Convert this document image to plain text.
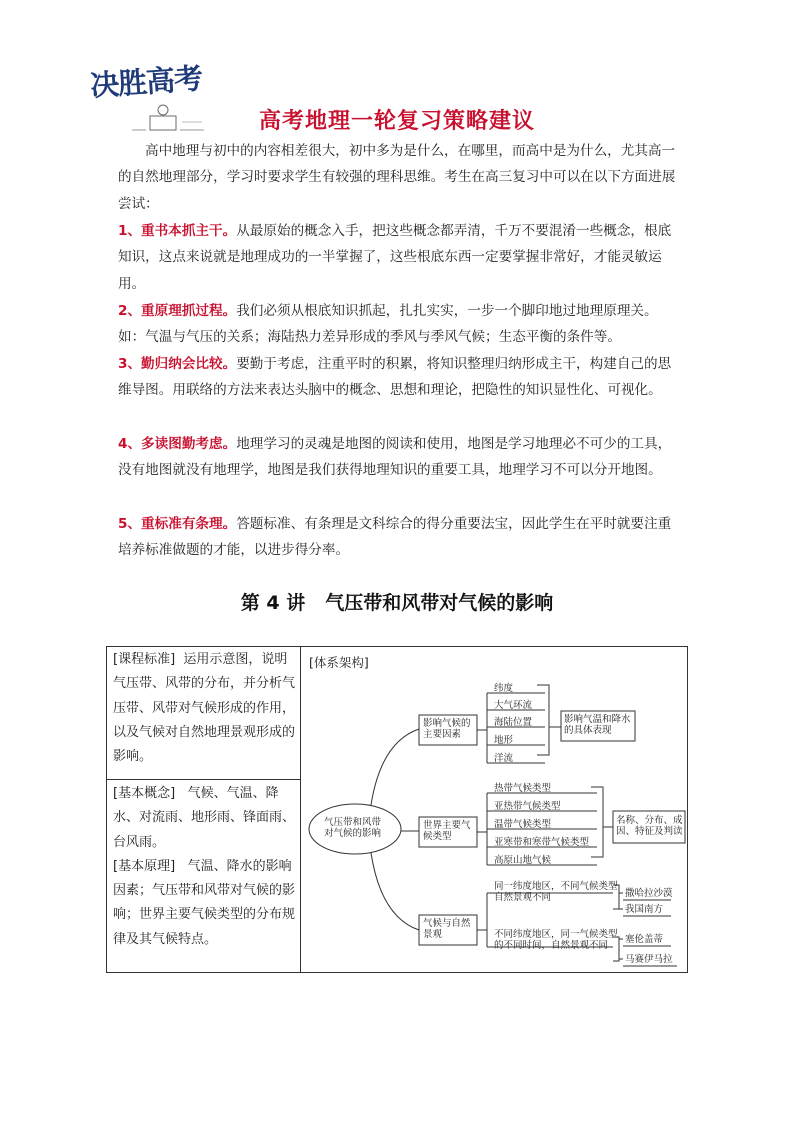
决胜高考
高考地理一轮复习策略建议
高中地理与初中的内容相差很大，初中多为是什么，在哪里，而高中是为什么，尤其高一的自然地理部分，学习时要求学生有较强的理科思维。考生在高三复习中可以在以下方面进展尝试：
1、重书本抓主干。从最原始的概念入手，把这些概念都弄清，千万不要混淆一些概念，根底知识，这点来说就是地理成功的一半掌握了，这些根底东西一定要掌握非常好，才能灵敏运用。
2、重原理抓过程。我们必须从根底知识抓起，扎扎实实，一步一个脚印地过地理原理关。如：气温与气压的关系；海陆热力差异形成的季风与季风气候；生态平衡的条件等。
3、勤归纳会比较。要勤于考虑，注重平时的积累，将知识整理归纳形成主干，构建自己的思维导图。用联络的方法来表达头脑中的概念、思想和理论，把隐性的知识显性化、可视化。
4、多读图勤考虑。地理学习的灵魂是地图的阅读和使用，地图是学习地理必不可少的工具，没有地图就没有地理学，地图是我们获得地理知识的重要工具，地理学习不可以分开地图。
5、重标准有条理。答题标准、有条理是文科综合的得分重要法宝，因此学生在平时就要注重培养标准做题的才能，以进步得分率。
第 4 讲 气压带和风带对气候的影响
[课程标准] 运用示意图，说明气压带、风带的分布，并分析气压带、风带对气候形成的作用，以及气候对自然地理景观形成的影响。
[基本概念] 气候、气温、降水、对流雨、地形雨、锋面雨、台风雨。
[基本原理] 气温、降水的影响因素；气压带和风带对气候的影响；世界主要气候类型的分布规律及其气候特点。
[体系架构]
气压带和风带
对气候的影响
影响气候的
主要因素
纬度
大气环流
海陆位置
地形
洋流
影响气温和降水
的具体表现
世界主要气
候类型
热带气候类型
亚热带气候类型
温带气候类型
亚寒带和寒带气候类型
高原山地气候
名称、分布、成
因、特征及判读
气候与自然
景观
同一纬度地区，不同气候类型
自然景观不同	撒哈拉沙漠
我国南方
不同纬度地区，同一气候类型
的不同时间，自然景观不同
塞伦盖蒂
马赛伊马拉
